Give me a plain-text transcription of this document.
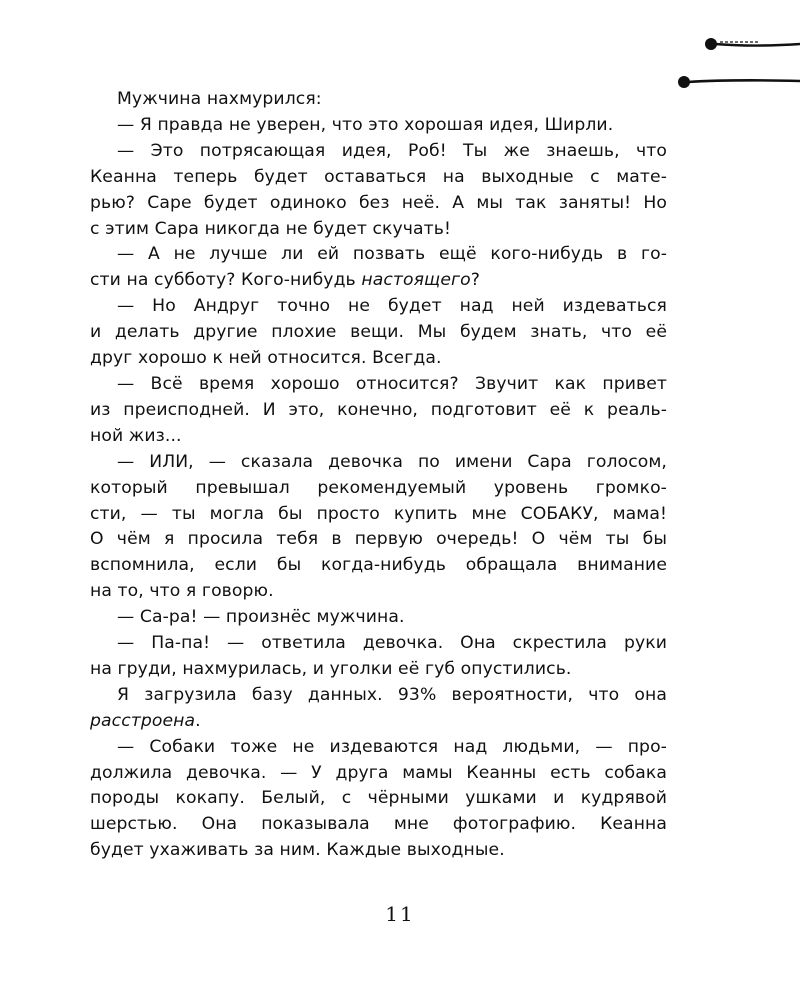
Мужчина нахмурился:
— Я правда не уверен, что это хорошая идея, Ширли.
— Это потрясающая идея, Роб! Ты же знаешь, что
Кеанна теперь будет оставаться на выходные с мате-
рью? Саре будет одиноко без неё. А мы так заняты! Но
с этим Сара никогда не будет скучать!
— А не лучше ли ей позвать ещё кого-нибудь в го-
сти на субботу? Кого-нибудь настоящего?
— Но Андруг точно не будет над ней издеваться
и делать другие плохие вещи. Мы будем знать, что её
друг хорошо к ней относится. Всегда.
— Всё время хорошо относится? Звучит как привет
из преисподней. И это, конечно, подготовит её к реаль-
ной жиз...
— ИЛИ, — сказала девочка по имени Сара голосом,
который превышал рекомендуемый уровень громко-
сти, — ты могла бы просто купить мне СОБАКУ, мама!
О чём я просила тебя в первую очередь! О чём ты бы
вспомнила, если бы когда-нибудь обращала внимание
на то, что я говорю.
— Са-ра! — произнёс мужчина.
— Па-па! — ответила девочка. Она скрестила руки
на груди, нахмурилась, и уголки её губ опустились.
Я загрузила базу данных. 93% вероятности, что она
расстроена.
— Собаки тоже не издеваются над людьми, — про-
должила девочка. — У друга мамы Кеанны есть собака
породы кокапу. Белый, с чёрными ушками и кудрявой
шерстью. Она показывала мне фотографию. Кеанна
будет ухаживать за ним. Каждые выходные.
11
